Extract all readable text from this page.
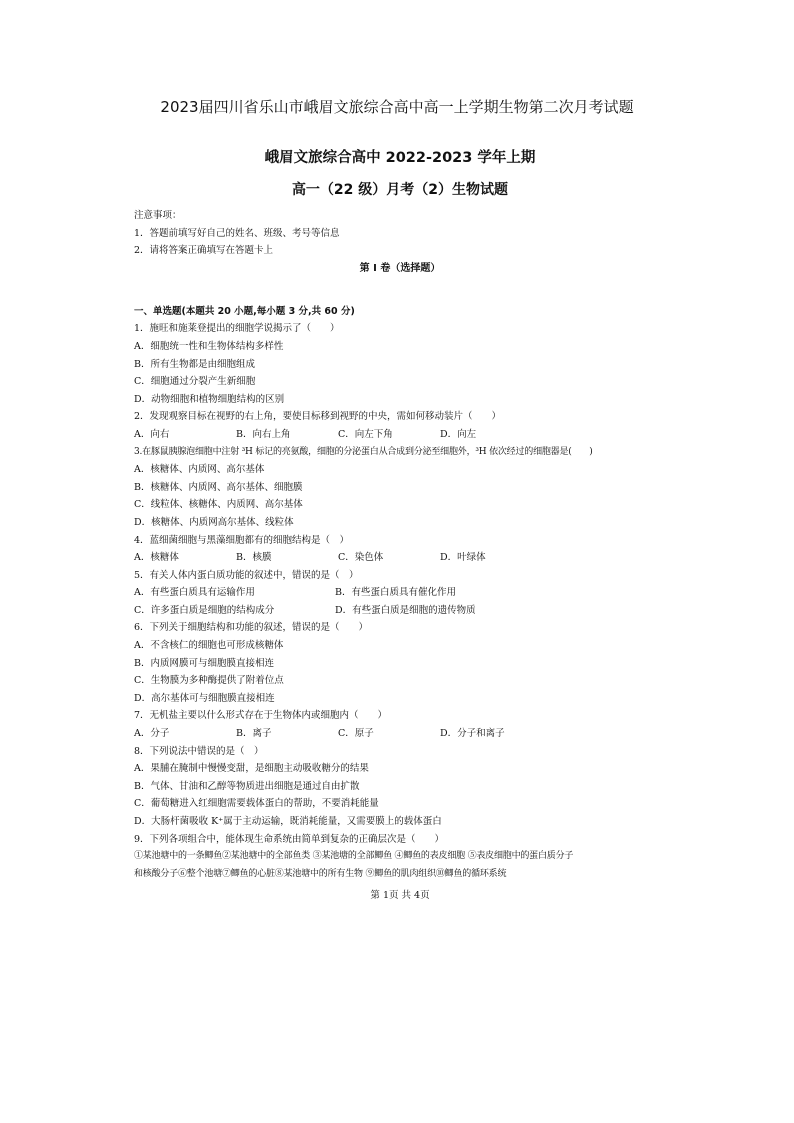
2023届四川省乐山市峨眉文旅综合高中高一上学期生物第二次月考试题
峨眉文旅综合高中 2022-2023 学年上期
高一（22 级）月考（2）生物试题
注意事项：
1．答题前填写好自己的姓名、班级、考号等信息
2．请将答案正确填写在答题卡上
第 I 卷（选择题）
一、单选题(本题共 20 小题,每小题 3 分,共 60 分)
1．施旺和施莱登提出的细胞学说揭示了（　　）
A．细胞统一性和生物体结构多样性
B．所有生物都是由细胞组成
C．细胞通过分裂产生新细胞
D．动物细胞和植物细胞结构的区别
2．发现观察目标在视野的右上角，要使目标移到视野的中央，需如何移动装片（　　）
A．向右	B．向右上角	C．向左下角	D．向左
3.在豚鼠胰腺泡细胞中注射 ³H 标记的亮氨酸，细胞的分泌蛋白从合成到分泌至细胞外，³H 依次经过的细胞器是(　　)
A．核糖体、内质网、高尔基体
B．核糖体、内质网、高尔基体、细胞膜
C．线粒体、核糖体、内质网、高尔基体
D．核糖体、内质网高尔基体、线粒体
4．蓝细菌细胞与黑藻细胞都有的细胞结构是（　）
A．核糖体	B．核膜	C．染色体	D．叶绿体
5．有关人体内蛋白质功能的叙述中，错误的是（　）
A．有些蛋白质具有运输作用	B．有些蛋白质具有催化作用
C．许多蛋白质是细胞的结构成分	D．有些蛋白质是细胞的遗传物质
6．下列关于细胞结构和功能的叙述，错误的是（　　）
A．不含核仁的细胞也可形成核糖体
B．内质网膜可与细胞膜直接相连
C．生物膜为多种酶提供了附着位点
D．高尔基体可与细胞膜直接相连
7．无机盐主要以什么形式存在于生物体内或细胞内（　　）
A．分子	B．离子	C．原子	D．分子和离子
8．下列说法中错误的是（　）
A．果脯在腌制中慢慢变甜，是细胞主动吸收糖分的结果
B．气体、甘油和乙醇等物质进出细胞是通过自由扩散
C．葡萄糖进入红细胞需要载体蛋白的帮助，不要消耗能量
D．大肠杆菌吸收 K⁺属于主动运输，既消耗能量，又需要膜上的载体蛋白
9．下列各项组合中，能体现生命系统由简单到复杂的正确层次是（　　）
①某池塘中的一条鲫鱼②某池塘中的全部鱼类 ③某池塘的全部鲫鱼 ④鲫鱼的表皮细胞 ⑤表皮细胞中的蛋白质分子
和核酸分子⑥整个池塘⑦鲫鱼的心脏⑧某池塘中的所有生物 ⑨鲫鱼的肌肉组织⑩鲫鱼的循环系统
第 1页 共 4页
